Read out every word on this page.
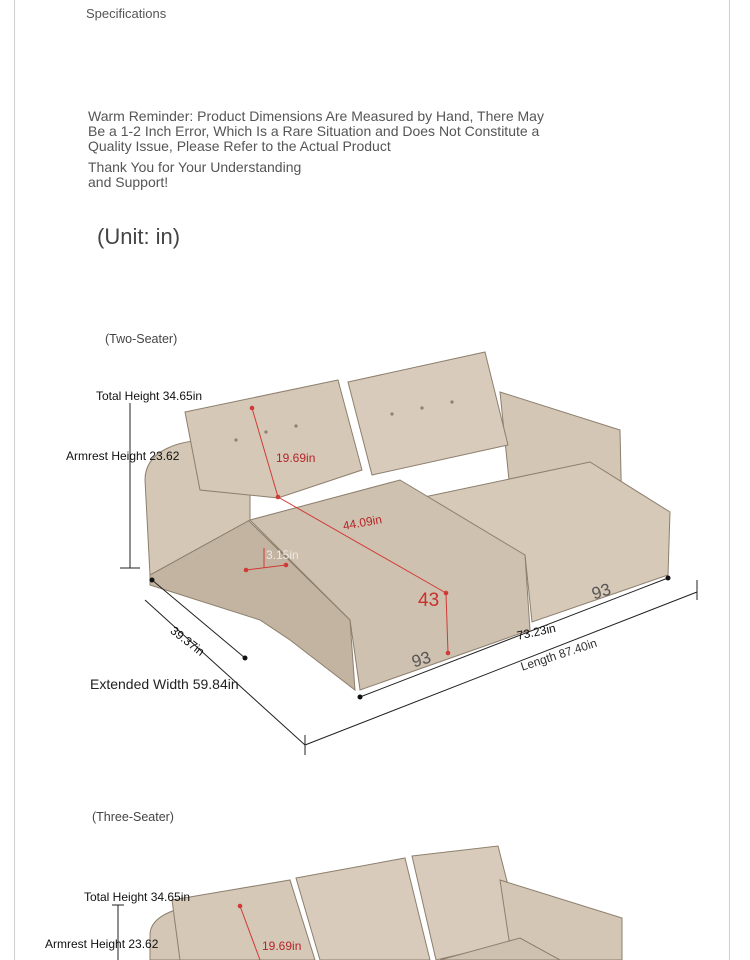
Specifications
Warm Reminder: Product Dimensions Are Measured by Hand, There May Be a 1-2 Inch Error, Which Is a Rare Situation and Does Not Constitute a Quality Issue, Please Refer to the Actual Product
Thank You for Your Understanding and Support!
(Unit: in)
(Two-Seater)
Total Height 34.65in
Armrest Height 23.62	19.69in
44.09in
3.15in
43
93
93
73.23in
Length 87.40in
39.37in
Extended Width 59.84in
(Three-Seater)
Total Height 34.65in
Armrest Height 23.62	19.69in
